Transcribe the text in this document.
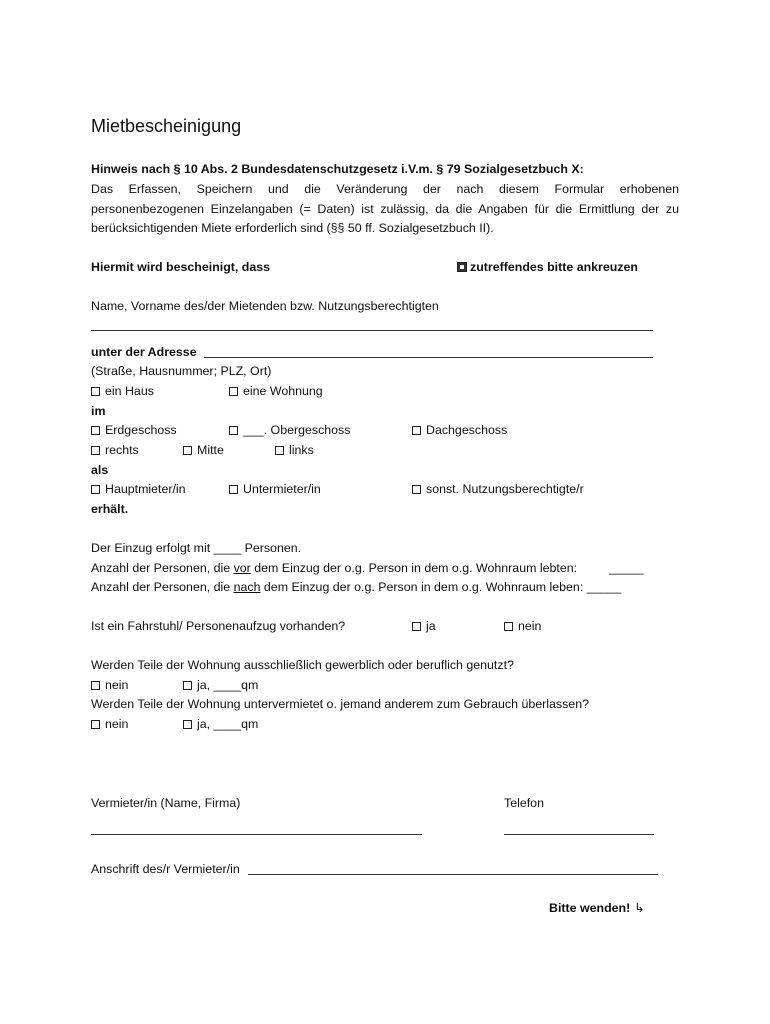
Mietbescheinigung
Hinweis nach § 10 Abs. 2 Bundesdatenschutzgesetz i.V.m. § 79 Sozialgesetzbuch X:
Das Erfassen, Speichern und die Veränderung der nach diesem Formular erhobenen
personenbezogenen Einzelangaben (= Daten) ist zulässig, da die Angaben für die Ermittlung der zu
berücksichtigenden Miete erforderlich sind (§§ 50 ff. Sozialgesetzbuch II).
Hiermit wird bescheinigt, dass	zutreffendes bitte ankreuzen
Name, Vorname des/der Mietenden bzw. Nutzungsberechtigten
unter der Adresse
(Straße, Hausnummer; PLZ, Ort)
ein Haus	eine Wohnung
im
Erdgeschoss	___. Obergeschoss	Dachgeschoss
rechts	Mitte	links
als
Hauptmieter/in	Untermieter/in	sonst. Nutzungsberechtigte/r
erhält.
Der Einzug erfolgt mit ____ Personen.
Anzahl der Personen, die vor dem Einzug der o.g. Person in dem o.g. Wohnraum lebten:	_____
Anzahl der Personen, die nach dem Einzug der o.g. Person in dem o.g. Wohnraum leben: _____
Ist ein Fahrstuhl/ Personenaufzug vorhanden?	ja	nein
Werden Teile der Wohnung ausschließlich gewerblich oder beruflich genutzt?
nein	ja, ____qm
Werden Teile der Wohnung untervermietet o. jemand anderem zum Gebrauch überlassen?
nein	ja, ____qm
Vermieter/in (Name, Firma)	Telefon
Anschrift des/r Vermieter/in
Bitte wenden! ↳
